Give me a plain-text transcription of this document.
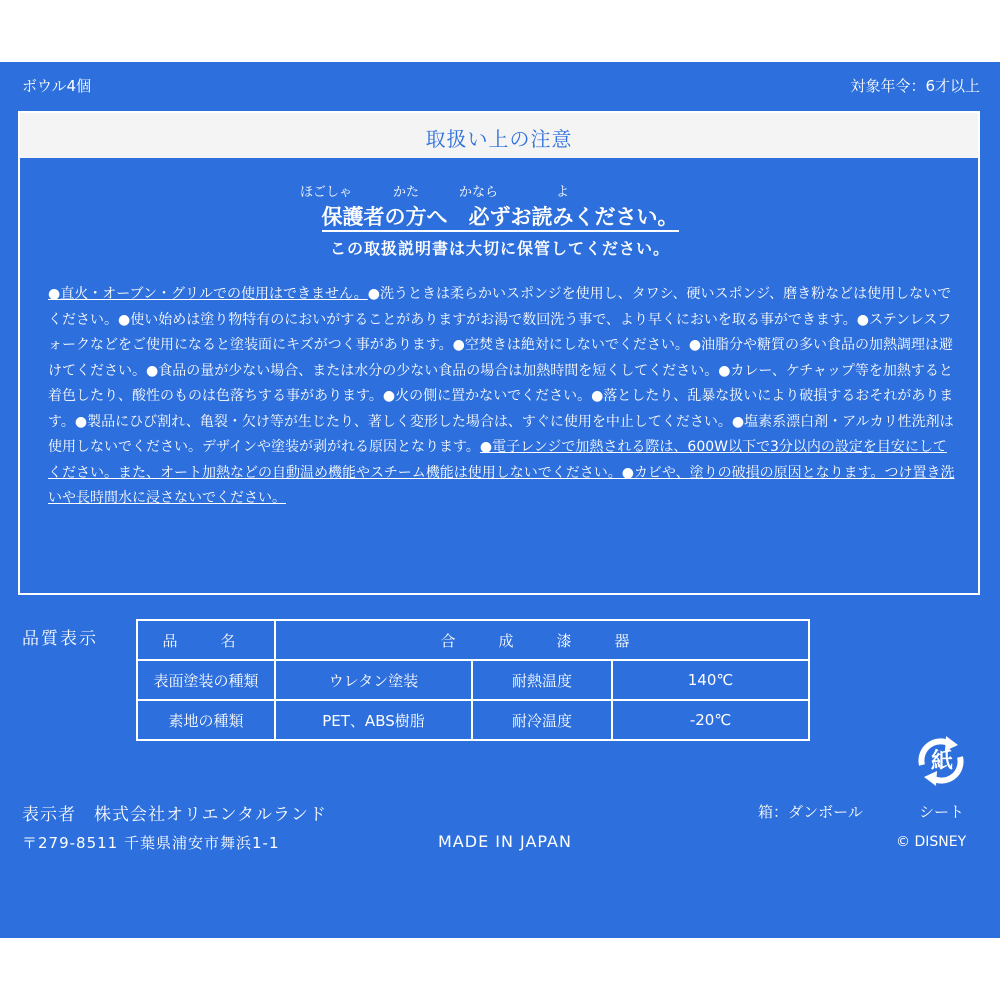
ボウル4個	対象年令：6才以上
取扱い上の注意
ほごしゃ	かた	かなら	よ
保護者の方へ　必ずお読みください。
この取扱説明書は大切に保管してください。
●直火・オーブン・グリルでの使用はできません。●洗うときは柔らかいスポンジを使用し、タワシ、硬いスポンジ、磨き粉などは使用しないでください。●使い始めは塗り物特有のにおいがすることがありますがお湯で数回洗う事で、より早くにおいを取る事ができます。●ステンレスフォークなどをご使用になると塗装面にキズがつく事があります。●空焚きは絶対にしないでください。●油脂分や糖質の多い食品の加熱調理は避けてください。●食品の量が少ない場合、または水分の少ない食品の場合は加熱時間を短くしてください。●カレー、ケチャップ等を加熱すると着色したり、酸性のものは色落ちする事があります。●火の側に置かないでください。●落としたり、乱暴な扱いにより破損するおそれがあります。●製品にひび割れ、亀裂・欠け等が生じたり、著しく変形した場合は、すぐに使用を中止してください。●塩素系漂白剤・アルカリ性洗剤は使用しないでください。デザインや塗装が剥がれる原因となります。●電子レンジで加熱される際は、600W以下で3分以内の設定を目安にしてください。また、オート加熱などの自動温め機能やスチーム機能は使用しないでください。●カビや、塗りの破損の原因となります。つけ置き洗いや長時間水に浸さないでください。
品質表示	品　名	合　成　漆　器		
表面塗装の種類	ウレタン塗装	耐熱温度	140℃
素地の種類	PET、ABS樹脂	耐冷温度	-20℃
紙
表示者 株式会社オリエンタルランド
〒279-8511 千葉県浦安市舞浜1-1	MADE IN JAPAN
箱：ダンボール	シート
© DISNEY
